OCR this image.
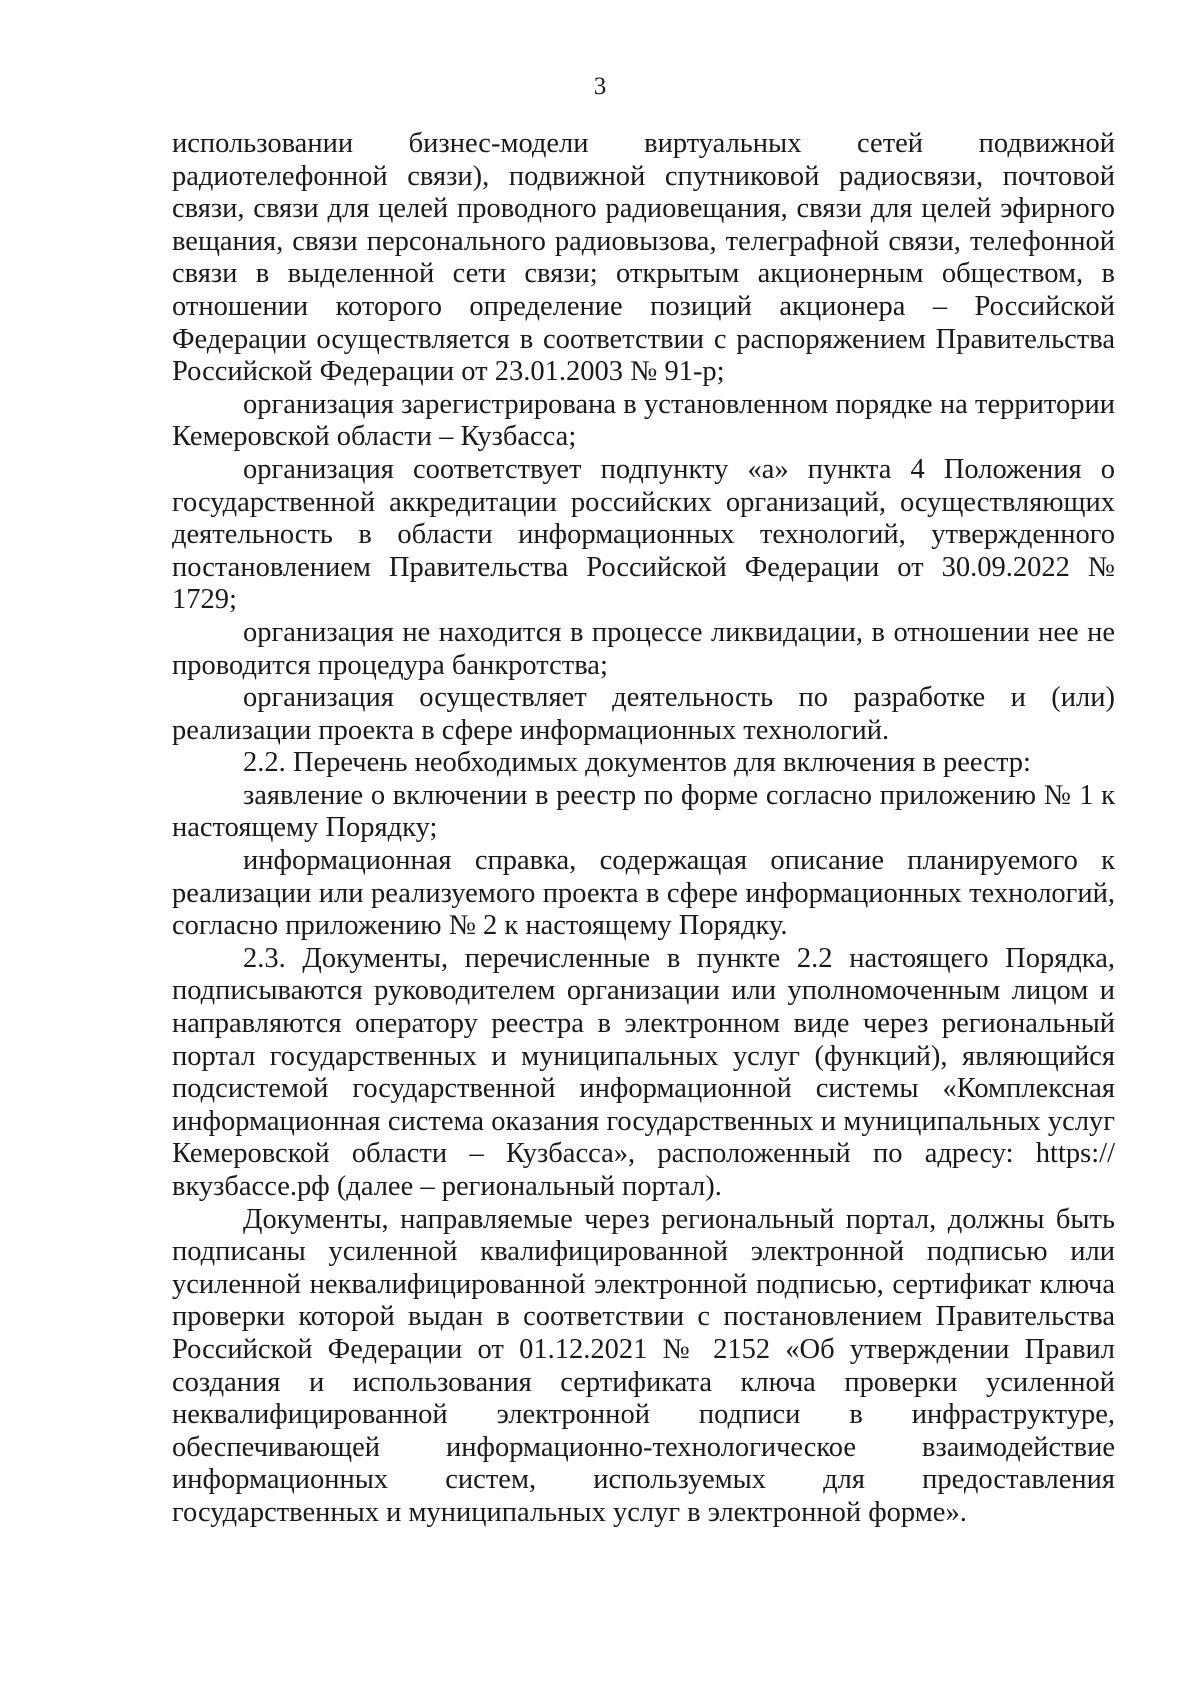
3

использовании бизнес-модели виртуальных сетей подвижной радиотелефонной связи), подвижной спутниковой радиосвязи, почтовой связи, связи для целей проводного радиовещания, связи для целей эфирного вещания, связи персонального радиовызова, телеграфной связи, телефонной связи в выделенной сети связи; открытым акционерным обществом, в отношении которого определение позиций акционера – Российской Федерации осуществляется в соответствии с распоряжением Правительства Российской Федерации от 23.01.2003 № 91-р;

организация зарегистрирована в установленном порядке на территории Кемеровской области – Кузбасса;

организация соответствует подпункту «а» пункта 4 Положения о государственной аккредитации российских организаций, осуществляющих деятельность в области информационных технологий, утвержденного постановлением Правительства Российской Федерации от 30.09.2022 № 1729;

организация не находится в процессе ликвидации, в отношении нее не проводится процедура банкротства;

организация осуществляет деятельность по разработке и (или) реализации проекта в сфере информационных технологий.

2.2. Перечень необходимых документов для включения в реестр:

заявление о включении в реестр по форме согласно приложению № 1 к настоящему Порядку;

информационная справка, содержащая описание планируемого к реализации или реализуемого проекта в сфере информационных технологий, согласно приложению № 2 к настоящему Порядку.

2.3. Документы, перечисленные в пункте 2.2 настоящего Порядка, подписываются руководителем организации или уполномоченным лицом и направляются оператору реестра в электронном виде через региональный портал государственных и муниципальных услуг (функций), являющийся подсистемой государственной информационной системы «Комплексная информационная система оказания государственных и муниципальных услуг Кемеровской области – Кузбасса», расположенный по адресу: https://вкузбассе.рф (далее – региональный портал).

Документы, направляемые через региональный портал, должны быть подписаны усиленной квалифицированной электронной подписью или усиленной неквалифицированной электронной подписью, сертификат ключа проверки которой выдан в соответствии с постановлением Правительства Российской Федерации от 01.12.2021 № 2152 «Об утверждении Правил создания и использования сертификата ключа проверки усиленной неквалифицированной электронной подписи в инфраструктуре, обеспечивающей информационно-технологическое взаимодействие информационных систем, используемых для предоставления государственных и муниципальных услуг в электронной форме».
